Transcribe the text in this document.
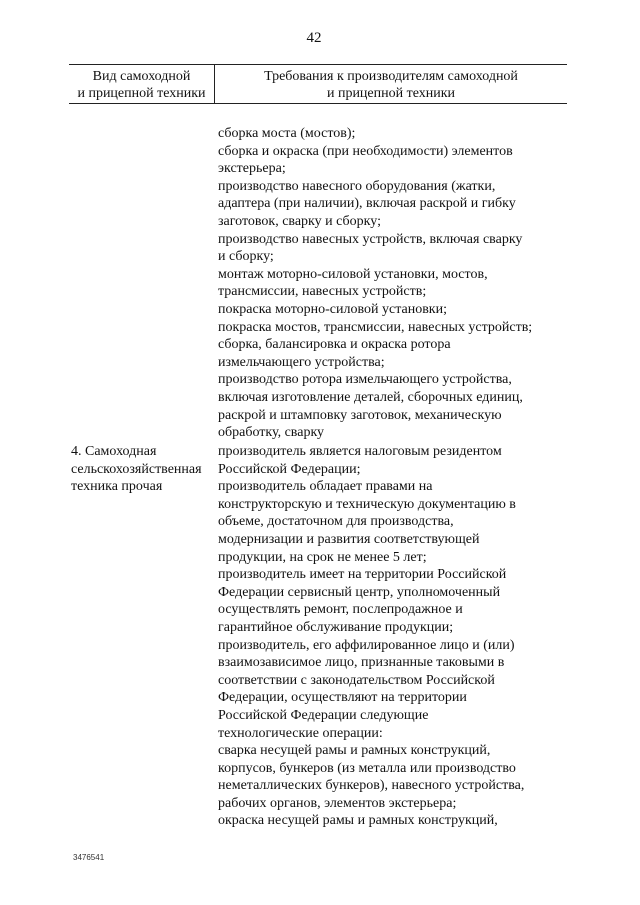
42
Вид самоходной
и прицепной техники
Требования к производителям самоходной
и прицепной техники
сборка моста (мостов);
сборка и окраска (при необходимости) элементов
экстерьера;
производство навесного оборудования (жатки,
адаптера (при наличии), включая раскрой и гибку
заготовок, сварку и сборку;
производство навесных устройств, включая сварку
и сборку;
монтаж моторно-силовой установки, мостов,
трансмиссии, навесных устройств;
покраска моторно-силовой установки;
покраска мостов, трансмиссии, навесных устройств;
сборка, балансировка и окраска ротора
измельчающего устройства;
производство ротора измельчающего устройства,
включая изготовление деталей, сборочных единиц,
раскрой и штамповку заготовок, механическую
обработку, сварку
4. Самоходная
сельскохозяйственная
техника прочая
производитель является налоговым резидентом
Российской Федерации;
производитель обладает правами на
конструкторскую и техническую документацию в
объеме, достаточном для производства,
модернизации и развития соответствующей
продукции, на срок не менее 5 лет;
производитель имеет на территории Российской
Федерации сервисный центр, уполномоченный
осуществлять ремонт, послепродажное и
гарантийное обслуживание продукции;
производитель, его аффилированное лицо и (или)
взаимозависимое лицо, признанные таковыми в
соответствии с законодательством Российской
Федерации, осуществляют на территории
Российской Федерации следующие
технологические операции:
сварка несущей рамы и рамных конструкций,
корпусов, бункеров (из металла или производство
неметаллических бункеров), навесного устройства,
рабочих органов, элементов экстерьера;
окраска несущей рамы и рамных конструкций,
3476541
